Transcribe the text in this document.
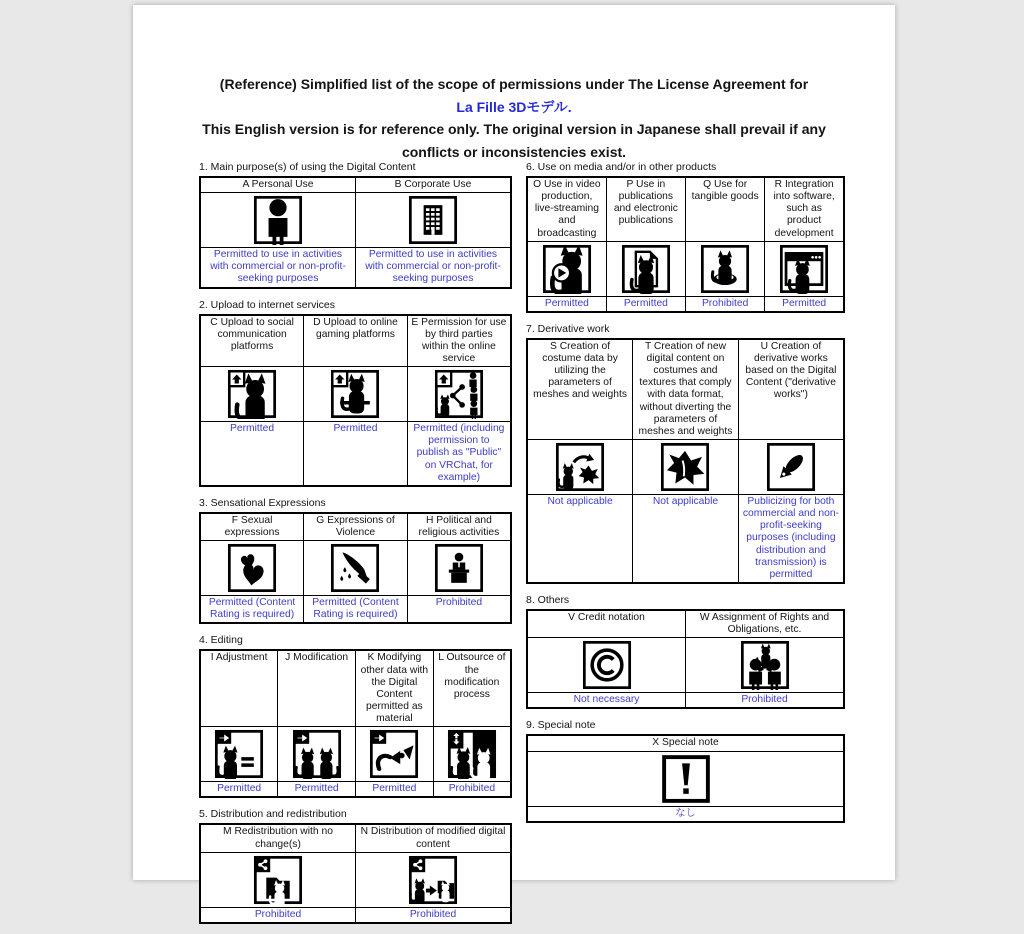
(Reference) Simplified list of the scope of permissions under The License Agreement for
La Fille 3Dモデル.
This English version is for reference only. The original version in Japanese shall prevail if any conflicts or inconsistencies exist.
1. Main purpose(s) of using the Digital Content
A Personal Use	B Corporate Use

Permitted to use in activities with commercial or non-profit-seeking purposes	Permitted to use in activities with commercial or non-profit-seeking purposes
2. Upload to internet services
C Upload to social communication platforms	D Upload to online gaming platforms	E Permission for use by third parties within the online service

Permitted	Permitted	Permitted (including permission to publish as "Public" on VRChat, for example)
3. Sensational Expressions
F Sexual expressions	G Expressions of Violence	H Political and religious activities

Permitted (Content Rating is required)	Permitted (Content Rating is required)	Prohibited
4. Editing
I Adjustment	J Modification	K Modifying other data with the Digital Content permitted as material	L Outsource of the modification process

Permitted	Permitted	Permitted	Prohibited
5. Distribution and redistribution
M Redistribution with no change(s)	N Distribution of modified digital content

Prohibited	Prohibited
6. Use on media and/or in other products
O Use in video production, live-streaming and broadcasting	P Use in publications and electronic publications	Q Use for tangible goods	R Integration into software, such as product development

Permitted	Permitted	Prohibited	Permitted
7. Derivative work
S Creation of costume data by utilizing the parameters of meshes and weights	T Creation of new digital content on costumes and textures that comply with data format, without diverting the parameters of meshes and weights	U Creation of derivative works based on the Digital Content ("derivative works")

Not applicable	Not applicable	Publicizing for both commercial and non-profit-seeking purposes (including distribution and transmission) is permitted
8. Others
V Credit notation	W Assignment of Rights and Obligations, etc.

Not necessary	Prohibited
9. Special note
X Special note

なし
